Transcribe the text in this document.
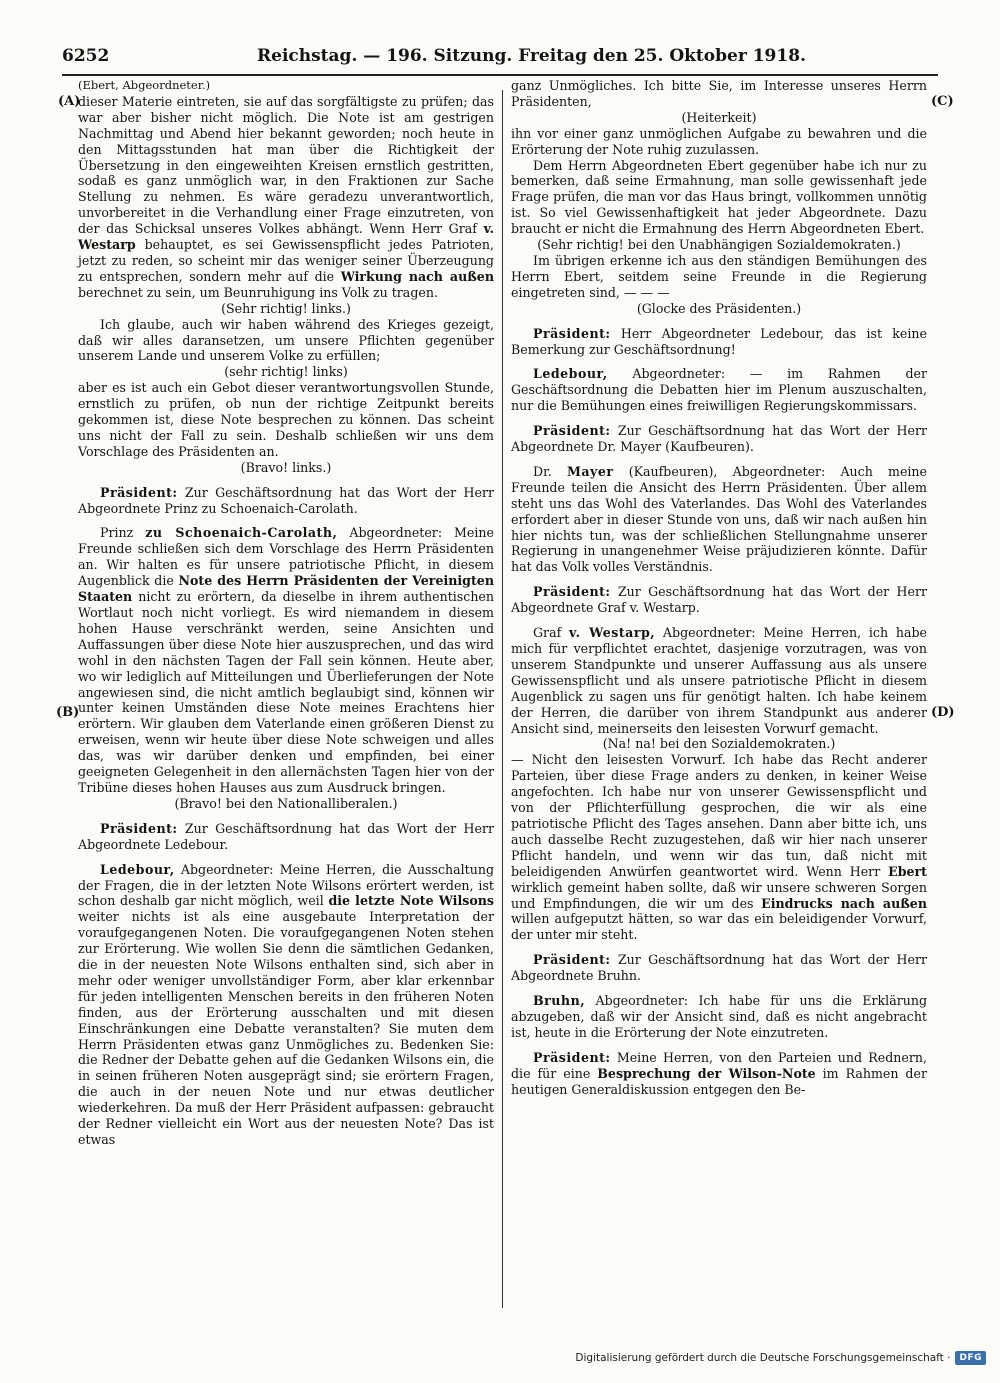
6252	Reichstag. — 196. Sitzung. Freitag den 25. Oktober 1918.
(A)
(B)
(C)
(D)

(Ebert, Abgeordneter.)

dieser Materie eintreten, sie auf das sorgfältigste zu prüfen; das war aber bisher nicht möglich. Die Note ist am gestrigen Nachmittag und Abend hier bekannt geworden; noch heute in den Mittagsstunden hat man über die Richtigkeit der Übersetzung in den eingeweihten Kreisen ernstlich gestritten, sodaß es ganz unmöglich war, in den Fraktionen zur Sache Stellung zu nehmen. Es wäre geradezu unverantwortlich, unvorbereitet in die Verhandlung einer Frage einzutreten, von der das Schicksal unseres Volkes abhängt. Wenn Herr Graf v. Westarp behauptet, es sei Gewissenspflicht jedes Patrioten, jetzt zu reden, so scheint mir das weniger seiner Überzeugung zu entsprechen, sondern mehr auf die Wirkung nach außen berechnet zu sein, um Beunruhigung ins Volk zu tragen.

(Sehr richtig! links.)

Ich glaube, auch wir haben während des Krieges gezeigt, daß wir alles daransetzen, um unsere Pflichten gegenüber unserem Lande und unserem Volke zu erfüllen;

(sehr richtig! links)

aber es ist auch ein Gebot dieser verantwortungsvollen Stunde, ernstlich zu prüfen, ob nun der richtige Zeitpunkt bereits gekommen ist, diese Note besprechen zu können. Das scheint uns nicht der Fall zu sein. Deshalb schließen wir uns dem Vorschlage des Präsidenten an.

(Bravo! links.)

Präsident: Zur Geschäftsordnung hat das Wort der Herr Abgeordnete Prinz zu Schoenaich-Carolath.

Prinz zu Schoenaich-Carolath, Abgeordneter: Meine Freunde schließen sich dem Vorschlage des Herrn Präsidenten an. Wir halten es für unsere patriotische Pflicht, in diesem Augenblick die Note des Herrn Präsidenten der Vereinigten Staaten nicht zu erörtern, da dieselbe in ihrem authentischen Wortlaut noch nicht vorliegt. Es wird niemandem in diesem hohen Hause verschränkt werden, seine Ansichten und Auffassungen über diese Note hier auszusprechen, und das wird wohl in den nächsten Tagen der Fall sein können. Heute aber, wo wir lediglich auf Mitteilungen und Überlieferungen der Note angewiesen sind, die nicht amtlich beglaubigt sind, können wir unter keinen Umständen diese Note meines Erachtens hier erörtern. Wir glauben dem Vaterlande einen größeren Dienst zu erweisen, wenn wir heute über diese Note schweigen und alles das, was wir darüber denken und empfinden, bei einer geeigneten Gelegenheit in den allernächsten Tagen hier von der Tribüne dieses hohen Hauses aus zum Ausdruck bringen.

(Bravo! bei den Nationalliberalen.)

Präsident: Zur Geschäftsordnung hat das Wort der Herr Abgeordnete Ledebour.

Ledebour, Abgeordneter: Meine Herren, die Ausschaltung der Fragen, die in der letzten Note Wilsons erörtert werden, ist schon deshalb gar nicht möglich, weil die letzte Note Wilsons weiter nichts ist als eine ausgebaute Interpretation der voraufgegangenen Noten. Die voraufgegangenen Noten stehen zur Erörterung. Wie wollen Sie denn die sämtlichen Gedanken, die in der neuesten Note Wilsons enthalten sind, sich aber in mehr oder weniger unvollständiger Form, aber klar erkennbar für jeden intelligenten Menschen bereits in den früheren Noten finden, aus der Erörterung ausschalten und mit diesen Einschränkungen eine Debatte veranstalten? Sie muten dem Herrn Präsidenten etwas ganz Unmögliches zu. Bedenken Sie: die Redner der Debatte gehen auf die Gedanken Wilsons ein, die in seinen früheren Noten ausgeprägt sind; sie erörtern Fragen, die auch in der neuen Note und nur etwas deutlicher wiederkehren. Da muß der Herr Präsident aufpassen: gebraucht der Redner vielleicht ein Wort aus der neuesten Note? Das ist etwas

ganz Unmögliches. Ich bitte Sie, im Interesse unseres Herrn Präsidenten,

(Heiterkeit)

ihn vor einer ganz unmöglichen Aufgabe zu bewahren und die Erörterung der Note ruhig zuzulassen.

Dem Herrn Abgeordneten Ebert gegenüber habe ich nur zu bemerken, daß seine Ermahnung, man solle gewissenhaft jede Frage prüfen, die man vor das Haus bringt, vollkommen unnötig ist. So viel Gewissenhaftigkeit hat jeder Abgeordnete. Dazu braucht er nicht die Ermahnung des Herrn Abgeordneten Ebert.

(Sehr richtig! bei den Unabhängigen Sozialdemokraten.)

Im übrigen erkenne ich aus den ständigen Bemühungen des Herrn Ebert, seitdem seine Freunde in die Regierung eingetreten sind, — — —

(Glocke des Präsidenten.)

Präsident: Herr Abgeordneter Ledebour, das ist keine Bemerkung zur Geschäftsordnung!

Ledebour, Abgeordneter: — im Rahmen der Geschäftsordnung die Debatten hier im Plenum auszuschalten, nur die Bemühungen eines freiwilligen Regierungskommissars.

Präsident: Zur Geschäftsordnung hat das Wort der Herr Abgeordnete Dr. Mayer (Kaufbeuren).

Dr. Mayer (Kaufbeuren), Abgeordneter: Auch meine Freunde teilen die Ansicht des Herrn Präsidenten. Über allem steht uns das Wohl des Vaterlandes. Das Wohl des Vaterlandes erfordert aber in dieser Stunde von uns, daß wir nach außen hin hier nichts tun, was der schließlichen Stellungnahme unserer Regierung in unangenehmer Weise präjudizieren könnte. Dafür hat das Volk volles Verständnis.

Präsident: Zur Geschäftsordnung hat das Wort der Herr Abgeordnete Graf v. Westarp.

Graf v. Westarp, Abgeordneter: Meine Herren, ich habe mich für verpflichtet erachtet, dasjenige vorzutragen, was von unserem Standpunkte und unserer Auffassung aus als unsere Gewissenspflicht und als unsere patriotische Pflicht in diesem Augenblick zu sagen uns für genötigt halten. Ich habe keinem der Herren, die darüber von ihrem Standpunkt aus anderer Ansicht sind, meinerseits den leisesten Vorwurf gemacht.

(Na! na! bei den Sozialdemokraten.)

— Nicht den leisesten Vorwurf. Ich habe das Recht anderer Parteien, über diese Frage anders zu denken, in keiner Weise angefochten. Ich habe nur von unserer Gewissenspflicht und von der Pflichterfüllung gesprochen, die wir als eine patriotische Pflicht des Tages ansehen. Dann aber bitte ich, uns auch dasselbe Recht zuzugestehen, daß wir hier nach unserer Pflicht handeln, und wenn wir das tun, daß nicht mit beleidigenden Anwürfen geantwortet wird. Wenn Herr Ebert wirklich gemeint haben sollte, daß wir unsere schweren Sorgen und Empfindungen, die wir um des Eindrucks nach außen willen aufgeputzt hätten, so war das ein beleidigender Vorwurf, der unter mir steht.

Präsident: Zur Geschäftsordnung hat das Wort der Herr Abgeordnete Bruhn.

Bruhn, Abgeordneter: Ich habe für uns die Erklärung abzugeben, daß wir der Ansicht sind, daß es nicht angebracht ist, heute in die Erörterung der Note einzutreten.

Präsident: Meine Herren, von den Parteien und Rednern, die für eine Besprechung der Wilson-Note im Rahmen der heutigen Generaldiskussion entgegen den Be-

Digitalisierung gefördert durch die Deutsche Forschungsgemeinschaft ·	DFG
